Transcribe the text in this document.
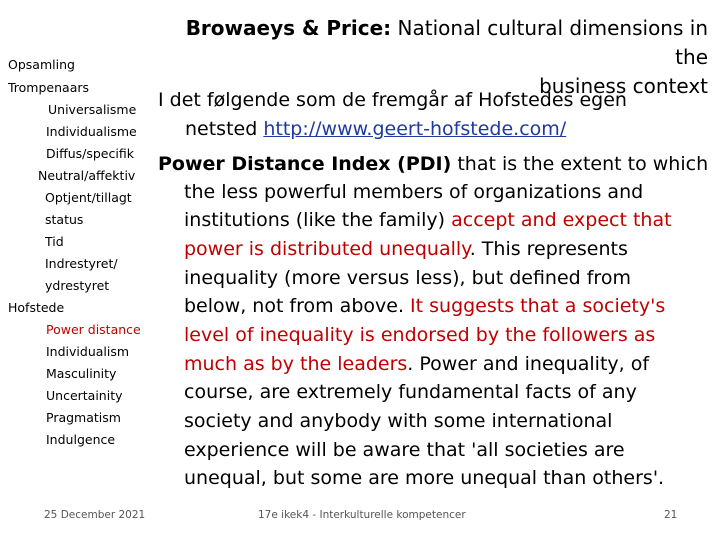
Browaeys & Price: National cultural dimensions in the
business context
Opsamling
Trompenaars
Universalisme
Individualisme
Diffus/specifik
Neutral/affektiv
Optjent/tillagt
status
Tid
Indrestyret/
ydrestyret
Hofstede
Power distance
Individualism
Masculinity
Uncertainity
Pragmatism
Indulgence
I det følgende som de fremgår af Hofstedes egen
netsted http://www.geert-hofstede.com/
Power Distance Index (PDI) that is the extent to which
the less powerful members of organizations and
institutions (like the family) accept and expect that
power is distributed unequally. This represents
inequality (more versus less), but defined from
below, not from above. It suggests that a society's
level of inequality is endorsed by the followers as
much as by the leaders. Power and inequality, of
course, are extremely fundamental facts of any
society and anybody with some international
experience will be aware that 'all societies are
unequal, but some are more unequal than others'.
25 December 2021	17e ikek4 - Interkulturelle kompetencer	21
